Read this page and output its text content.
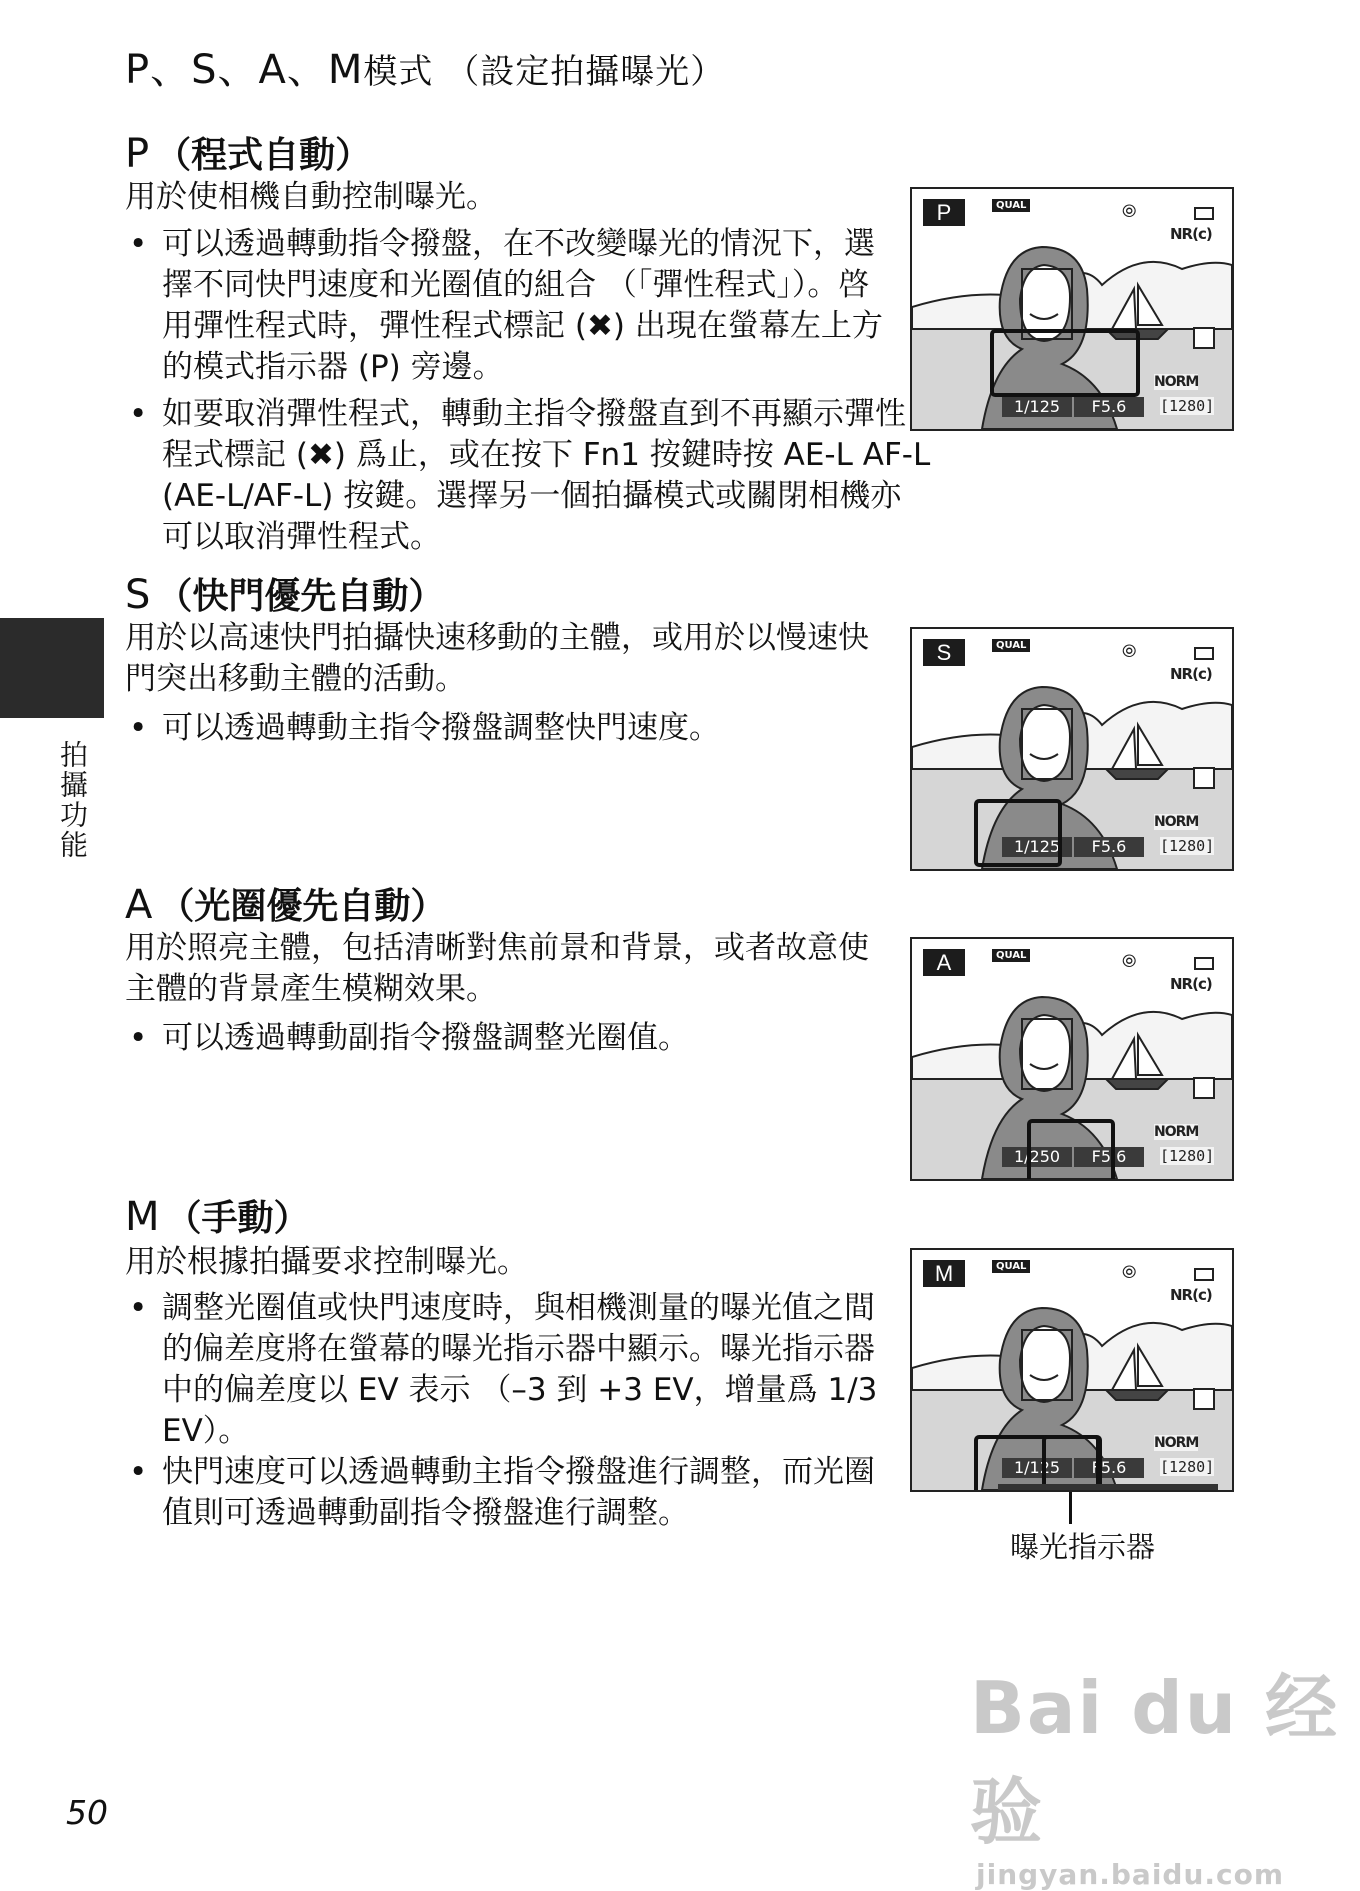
P、S、A、M模式 （設定拍攝曝光）
拍攝功能
P （程式自動）
用於使相機自動控制曝光。
• 可以透過轉動指令撥盤，在不改變曝光的情況下，選擇不同快門速度和光圈值的組合 （「彈性程式」）。啓用彈性程式時，彈性程式標記 (✖) 出現在螢幕左上方的模式指示器 (P) 旁邊。
• 如要取消彈性程式，轉動主指令撥盤直到不再顯示彈性程式標記 (✖) 爲止，或在按下 Fn1 按鍵時按 AE-L AF-L (AE-L/AF-L) 按鍵。選擇另一個拍攝模式或關閉相機亦可以取消彈性程式。
S （快門優先自動）
用於以高速快門拍攝快速移動的主體，或用於以慢速快門突出移動主體的活動。
• 可以透過轉動主指令撥盤調整快門速度。
A （光圈優先自動）
用於照亮主體，包括清晰對焦前景和背景，或者故意使主體的背景產生模糊效果。
• 可以透過轉動副指令撥盤調整光圈值。
M （手動）
用於根據拍攝要求控制曝光。
• 調整光圈值或快門速度時，與相機測量的曝光值之間的偏差度將在螢幕的曝光指示器中顯示。曝光指示器中的偏差度以 EV 表示 （–3 到 +3 EV，增量爲 1/3 EV）。
• 快門速度可以透過轉動主指令撥盤進行調整，而光圈值則可透過轉動副指令撥盤進行調整。
P	QUAL	⦾
NR(ᴄ)
NORM
[1280]
1/125	F5.6
S	QUAL	⦾
NR(ᴄ)
NORM
[1280]
1/125	F5.6
A	QUAL	⦾
NR(ᴄ)
NORM
[1280]
1/250	F5.6
M	QUAL	⦾
NR(ᴄ)
NORM
[1280]
1/125	F5.6
曝光指示器
50
Bai du 经验
jingyan.baidu.com
